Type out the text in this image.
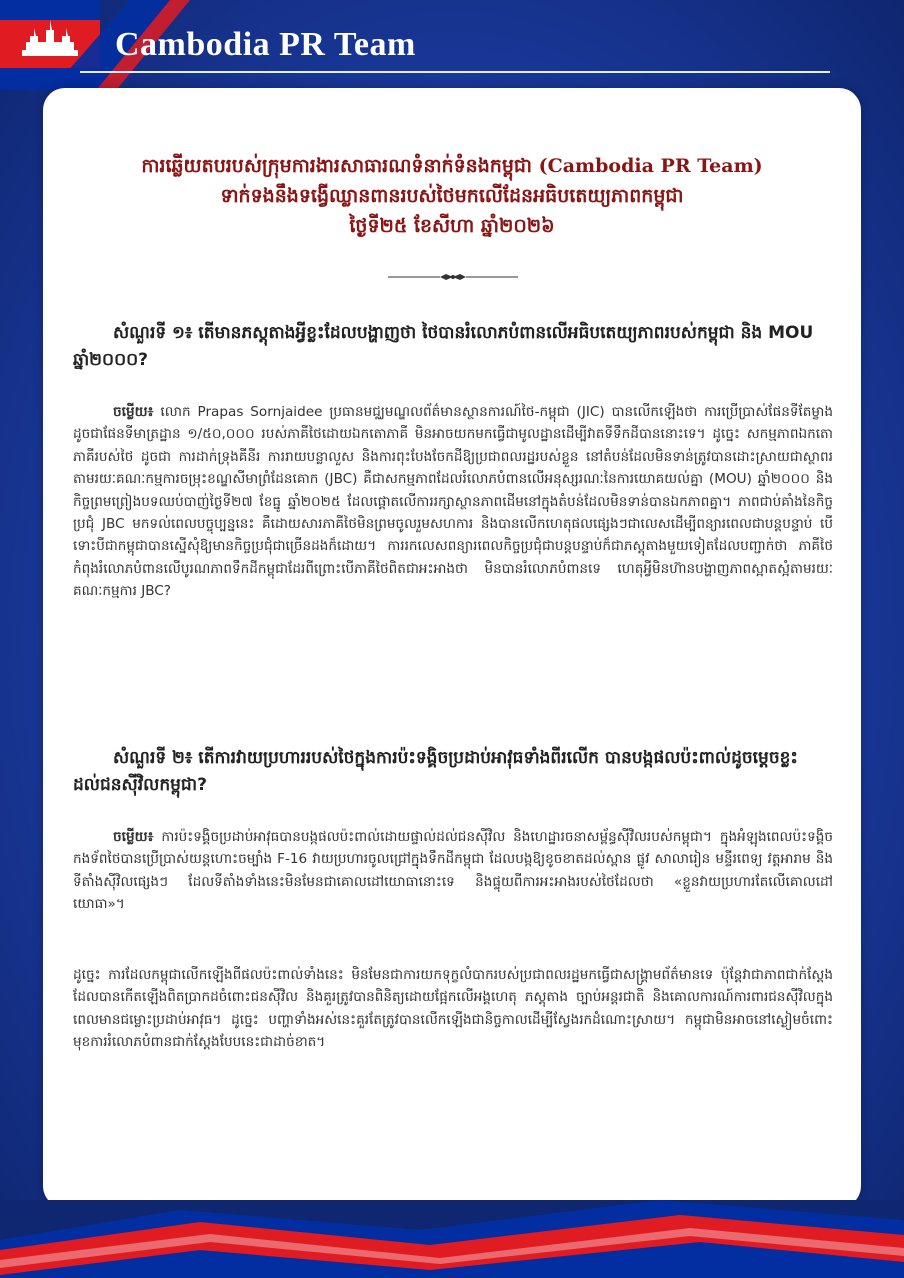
Cambodia PR Team
ការឆ្លើយតបរបស់ក្រុមការងារសាធារណទំនាក់ទំនងកម្ពុជា (Cambodia PR Team)
ទាក់ទងនឹងទង្វើឈ្លានពានរបស់ថៃមកលើដែនអធិបតេយ្យភាពកម្ពុជា
ថ្ងៃទី២៥ ខែសីហា ឆ្នាំ២០២៦
សំណួរទី ១៖ តើមានភស្តុតាងអ្វីខ្លះដែលបង្ហាញថា ថៃបានរំលោភបំពានលើអធិបតេយ្យភាពរបស់កម្ពុជា និង MOU ឆ្នាំ២០០០?
ចម្លើយ៖ លោក Prapas Sornjaidee ប្រធានមជ្ឈមណ្ឌលព័ត៌មានស្ថានការណ៍ថៃ-កម្ពុជា (JIC) បានលើកឡើងថា ការប្រើប្រាស់ផែនទីតែម្ខាង ដូចជាផែនទីមាត្រដ្ឋាន ១/៥០,០០០ របស់ភាគីថៃដោយឯកតោភាគី មិនអាចយកមកធ្វើជាមូលដ្ឋានដើម្បីវាតទីទឹកដីបាននោះទេ។ ដូច្នេះ សកម្មភាពឯកតោភាគីរបស់ថៃ ដូចជា ការដាក់ទ្រុងគីនីរ ការរាយបន្លាលួស និងការពុះបែងចែកដីឱ្យប្រជាពលរដ្ឋរបស់ខ្លួន នៅតំបន់ដែលមិនទាន់ត្រូវបានដោះស្រាយជាស្ថាពរ តាមរយៈគណៈកម្មការចម្រុះខណ្ឌសីមាព្រំដែនគោក (JBC) គឺជាសកម្មភាពដែលរំលោភបំពានលើអនុស្សរណៈនៃការយោគយល់គ្នា (MOU) ឆ្នាំ២០០០ និងកិច្ចព្រមព្រៀងបទឈប់បាញ់ថ្ងៃទី២៧ ខែធ្នូ ឆ្នាំ២០២៥ ដែលផ្តោតលើការរក្សាស្ថានភាពដើមនៅក្នុងតំបន់ដែលមិនទាន់បានឯកភាពគ្នា។ ភាពជាប់គាំងនៃកិច្ចប្រជុំ JBC មកទល់ពេលបច្ចុប្បន្ននេះ គឺដោយសារភាគីថៃមិនព្រមចូលរួមសហការ និងបានលើកហេតុផលផ្សេងៗជាលេសដើម្បីពន្យារពេលជាបន្តបន្ទាប់ បើទោះបីជាកម្ពុជាបានស្នើសុំឱ្យមានកិច្ចប្រជុំជាច្រើនដងក៏ដោយ។ ការរកលេសពន្យារពេលកិច្ចប្រជុំជាបន្តបន្ទាប់ក៏ជាភស្តុតាងមួយទៀតដែលបញ្ជាក់ថា ភាគីថៃកំពុងរំលោភបំពានលើបូរណភាពទឹកដីកម្ពុជាដែរពីព្រោះបើភាគីថៃពិតជាអះអាងថា មិនបានរំលោភបំពានទេ ហេតុអ្វីមិនហ៊ានបង្ហាញភាពស្អាតស្អំតាមរយៈគណៈកម្មការ JBC?
សំណួរទី ២៖ តើការវាយប្រហាររបស់ថៃក្នុងការប៉ះទង្គិចប្រដាប់អាវុធទាំងពីរលើក បានបង្កផលប៉ះពាល់ដូចម្តេចខ្លះដល់ជនស៊ីវិលកម្ពុជា?
ចម្លើយ៖ ការប៉ះទង្គិចប្រដាប់អាវុធបានបង្កផលប៉ះពាល់ដោយផ្ទាល់ដល់ជនស៊ីវិល និងហេដ្ឋារចនាសម្ព័ន្ធស៊ីវិលរបស់កម្ពុជា។ ក្នុងអំឡុងពេលប៉ះទង្គិច កងទ័ពថៃបានប្រើប្រាស់យន្តហោះចម្បាំង F-16 វាយប្រហារចូលជ្រៅក្នុងទឹកដីកម្ពុជា ដែលបង្កឱ្យខូចខាតដល់ស្ពាន ផ្លូវ សាលារៀន មន្ទីរពេទ្យ វត្តអារាម និងទីតាំងស៊ីវិលផ្សេងៗ ដែលទីតាំងទាំងនេះមិនមែនជាគោលដៅយោធានោះទេ និងផ្ទុយពីការអះអាងរបស់ថៃដែលថា «ខ្លួនវាយប្រហារតែលើគោលដៅយោធា»។
ដូច្នេះ ការដែលកម្ពុជាលើកឡើងពីផលប៉ះពាល់ទាំងនេះ មិនមែនជាការយកទុក្ខលំបាករបស់ប្រជាពលរដ្ឋមកធ្វើជាសង្គ្រាមព័ត៌មានទេ ប៉ុន្តែវាជាភាពជាក់ស្តែងដែលបានកើតឡើងពិតប្រាកដចំពោះជនស៊ីវិល និងគួរត្រូវបានពិនិត្យដោយផ្អែកលើអង្គហេតុ ភស្តុតាង ច្បាប់អន្តរជាតិ និងគោលការណ៍ការពារជនស៊ីវិលក្នុងពេលមានជម្លោះប្រដាប់អាវុធ។ ដូច្នេះ បញ្ហាទាំងអស់នេះគួរតែត្រូវបានលើកឡើងជានិច្ចកាលដើម្បីស្វែងរកដំណោះស្រាយ។ កម្ពុជាមិនអាចនៅស្ងៀមចំពោះមុខការរំលោភបំពានជាក់ស្តែងបែបនេះជាដាច់ខាត។
